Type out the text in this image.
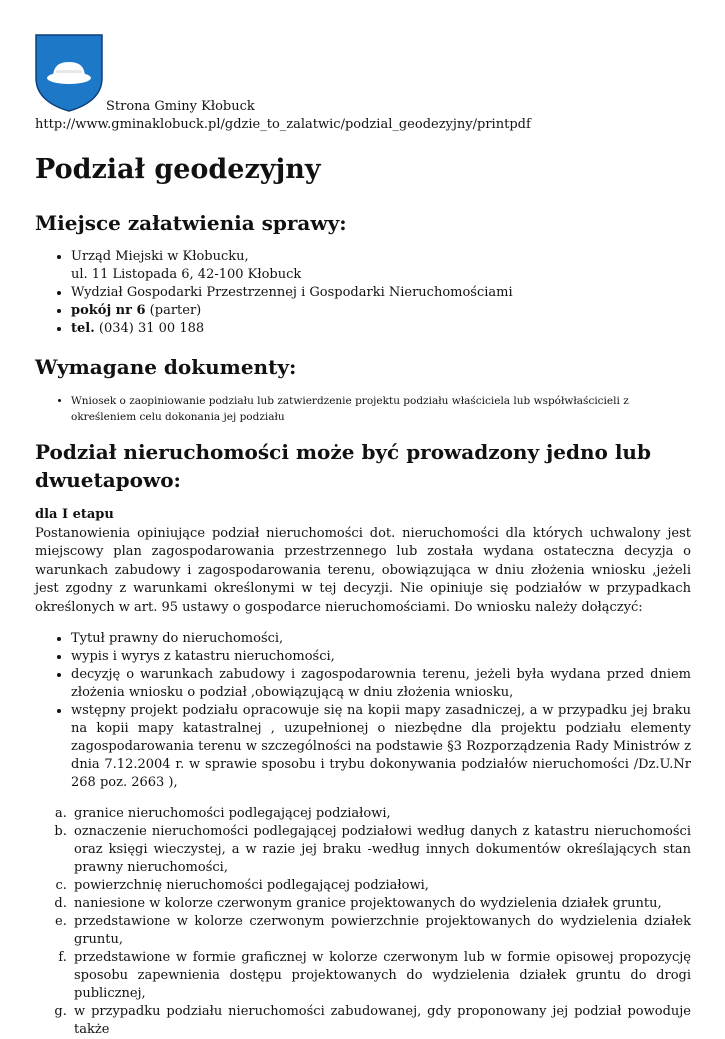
Strona Gminy Kłobuck
http://www.gminaklobuck.pl/gdzie_to_zalatwic/podzial_geodezyjny/printpdf
Podział geodezyjny
Miejsce załatwienia sprawy:
• Urząd Miejski w Kłobucku,
ul. 11 Listopada 6, 42-100 Kłobuck
• Wydział Gospodarki Przestrzennej i Gospodarki Nieruchomościami
• pokój nr 6 (parter)
• tel. (034) 31 00 188
Wymagane dokumenty:
• Wniosek o zaopiniowanie podziału lub zatwierdzenie projektu podziału właściciela lub współwłaścicieli z określeniem celu dokonania jej podziału
Podział nieruchomości może być prowadzony jedno lub dwuetapowo:
dla I etapu
Postanowienia opiniujące podział nieruchomości dot. nieruchomości dla których uchwalony jest miejscowy plan zagospodarowania przestrzennego lub została wydana ostateczna decyzja o warunkach zabudowy i zagospodarowania terenu, obowiązująca w dniu złożenia wniosku ,jeżeli jest zgodny z warunkami określonymi w tej decyzji. Nie opiniuje się podziałów w przypadkach określonych w art. 95 ustawy o gospodarce nieruchomościami. Do wniosku należy dołączyć:
• Tytuł prawny do nieruchomości,
• wypis i wyrys z katastru nieruchomości,
• decyzję o warunkach zabudowy i zagospodarownia terenu, jeżeli była wydana przed dniem złożenia wniosku o podział ,obowiązującą w dniu złożenia wniosku,
• wstępny projekt podziału opracowuje się na kopii mapy zasadniczej, a w przypadku jej braku na kopii mapy katastralnej , uzupełnionej o niezbędne dla projektu podziału elementy zagospodarowania terenu w szczególności na podstawie §3 Rozporządzenia Rady Ministrów z dnia 7.12.2004 r. w sprawie sposobu i trybu dokonywania podziałów nieruchomości /Dz.U.Nr 268 poz. 2663 ),
a. granice nieruchomości podlegającej podziałowi,
b. oznaczenie nieruchomości podlegającej podziałowi według danych z katastru nieruchomości oraz księgi wieczystej, a w razie jej braku -według innych dokumentów określających stan prawny nieruchomości,
c. powierzchnię nieruchomości podlegającej podziałowi,
d. naniesione w kolorze czerwonym granice projektowanych do wydzielenia działek gruntu,
e. przedstawione w kolorze czerwonym powierzchnie projektowanych do wydzielenia działek gruntu,
f. przedstawione w formie graficznej w kolorze czerwonym lub w formie opisowej propozycję sposobu zapewnienia dostępu projektowanych do wydzielenia działek gruntu do drogi publicznej,
g. w przypadku podziału nieruchomości zabudowanej, gdy proponowany jej podział powoduje także
